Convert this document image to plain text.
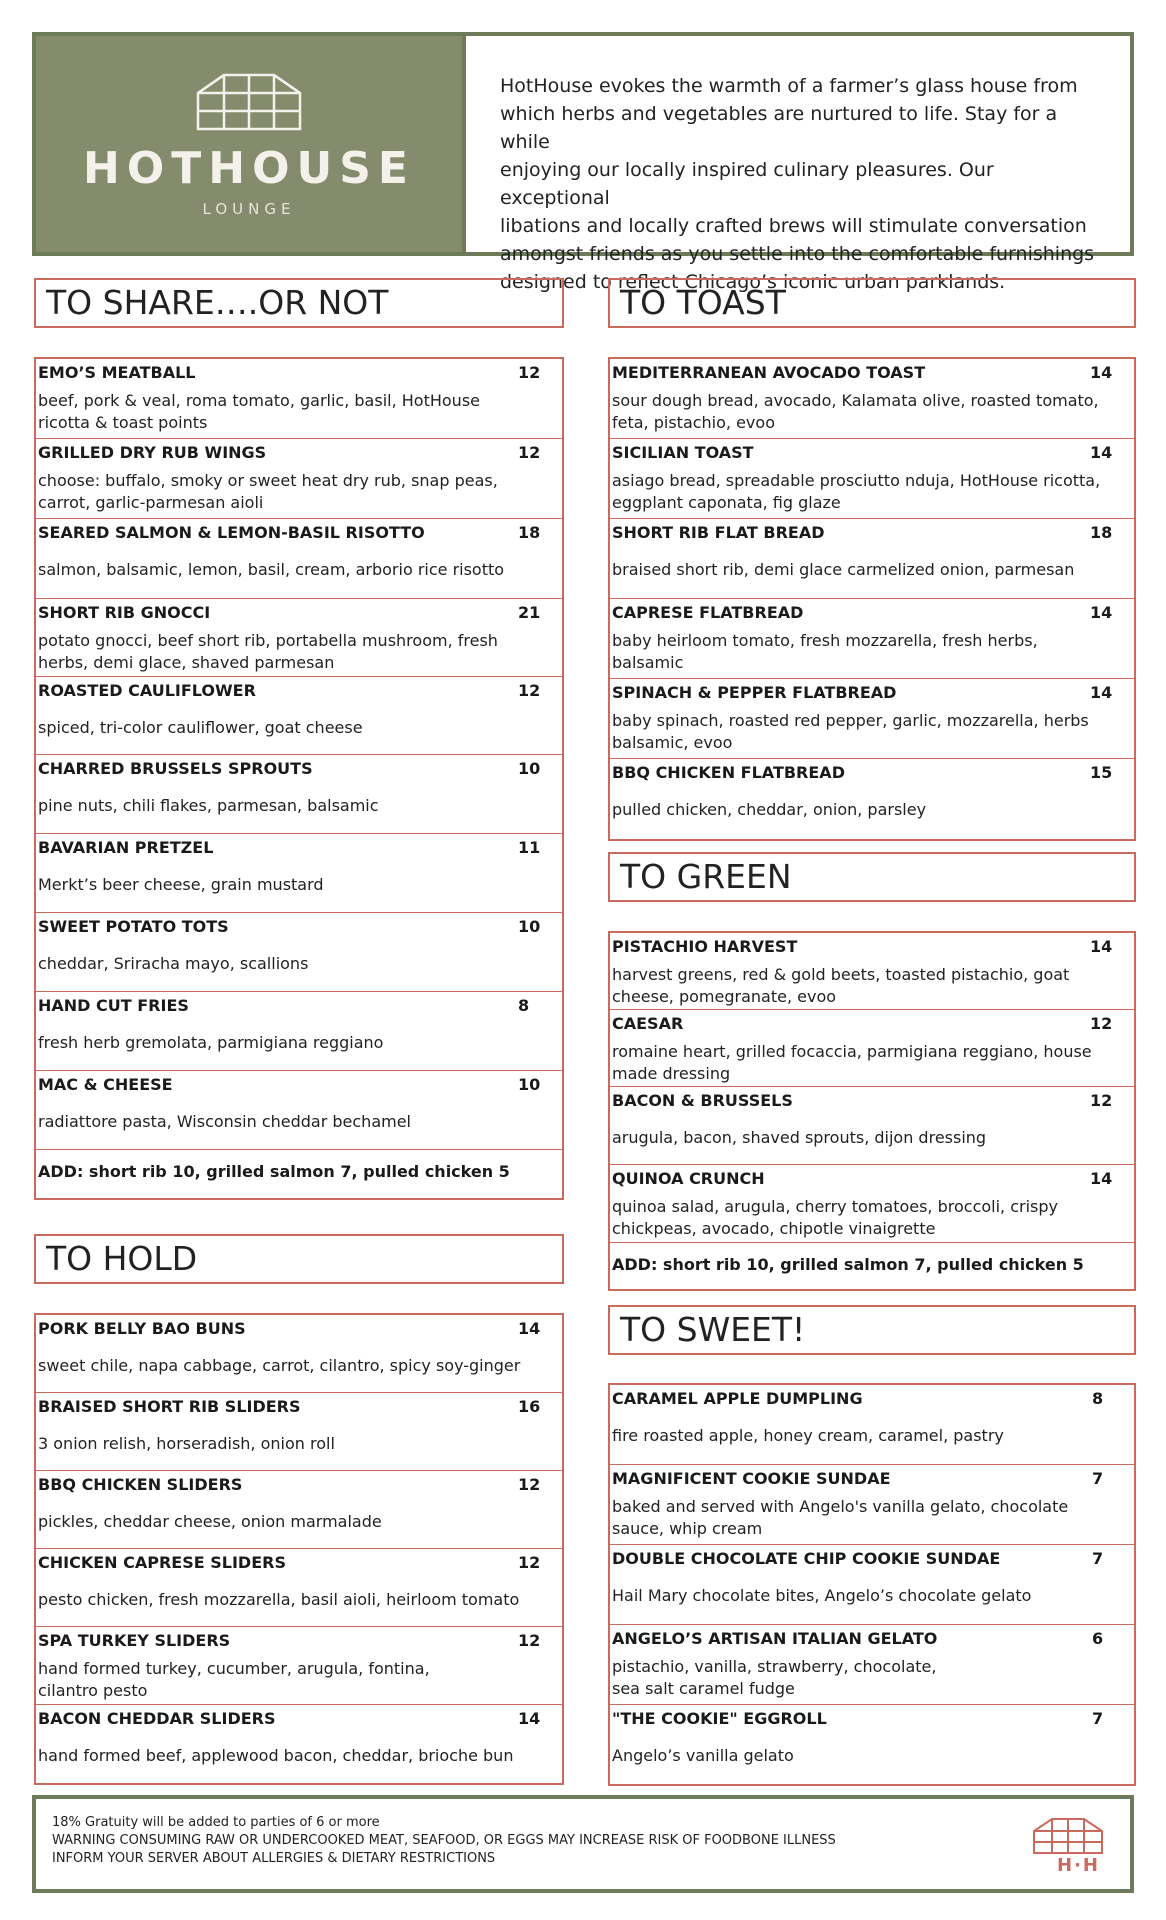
HOTHOUSE
LOUNGE
HotHouse evokes the warmth of a farmer’s glass house from
which herbs and vegetables are nurtured to life. Stay for a while
enjoying our locally inspired culinary pleasures. Our exceptional
libations and locally crafted brews will stimulate conversation
amongst friends as you settle into the comfortable furnishings
designed to reflect Chicago’s iconic urban parklands.
TO SHARE….OR NOT
TO HOLD
TO TOAST
TO GREEN
TO SWEET!
EMO’S MEATBALL	12
beef, pork & veal, roma tomato, garlic, basil, HotHouse
ricotta & toast points
GRILLED DRY RUB WINGS	12
choose: buffalo, smoky or sweet heat dry rub, snap peas,
carrot, garlic-parmesan aioli
SEARED SALMON & LEMON-BASIL RISOTTO	18
salmon, balsamic, lemon, basil, cream, arborio rice risotto
SHORT RIB GNOCCI	21
potato gnocci, beef short rib, portabella mushroom, fresh
herbs, demi glace, shaved parmesan
ROASTED CAULIFLOWER	12
spiced, tri-color cauliflower, goat cheese
CHARRED BRUSSELS SPROUTS	10
pine nuts, chili flakes, parmesan, balsamic
BAVARIAN PRETZEL	11
Merkt’s beer cheese, grain mustard
SWEET POTATO TOTS	10
cheddar, Sriracha mayo, scallions
HAND CUT FRIES	8
fresh herb gremolata, parmigiana reggiano
MAC & CHEESE	10
radiattore pasta, Wisconsin cheddar bechamel
ADD: short rib 10, grilled salmon 7, pulled chicken 5
PORK BELLY BAO BUNS	14
sweet chile, napa cabbage, carrot, cilantro, spicy soy-ginger
BRAISED SHORT RIB SLIDERS	16
3 onion relish, horseradish, onion roll
BBQ CHICKEN SLIDERS	12
pickles, cheddar cheese, onion marmalade
CHICKEN CAPRESE SLIDERS	12
pesto chicken, fresh mozzarella, basil aioli, heirloom tomato
SPA TURKEY SLIDERS	12
hand formed turkey, cucumber, arugula, fontina,
cilantro pesto
BACON CHEDDAR SLIDERS	14
hand formed beef, applewood bacon, cheddar, brioche bun
MEDITERRANEAN AVOCADO TOAST	14
sour dough bread, avocado, Kalamata olive, roasted tomato,
feta, pistachio, evoo
SICILIAN TOAST	14
asiago bread, spreadable prosciutto nduja, HotHouse ricotta,
eggplant caponata, fig glaze
SHORT RIB FLAT BREAD	18
braised short rib, demi glace carmelized onion, parmesan
CAPRESE FLATBREAD	14
baby heirloom tomato, fresh mozzarella, fresh herbs,
balsamic
SPINACH & PEPPER FLATBREAD	14
baby spinach, roasted red pepper, garlic, mozzarella, herbs
balsamic, evoo
BBQ CHICKEN FLATBREAD	15
pulled chicken, cheddar, onion, parsley
PISTACHIO HARVEST	14
harvest greens, red & gold beets, toasted pistachio, goat
cheese, pomegranate, evoo
CAESAR	12
romaine heart, grilled focaccia, parmigiana reggiano, house
made dressing
BACON & BRUSSELS	12
arugula, bacon, shaved sprouts, dijon dressing
QUINOA CRUNCH	14
quinoa salad, arugula, cherry tomatoes, broccoli, crispy
chickpeas, avocado, chipotle vinaigrette
ADD: short rib 10, grilled salmon 7, pulled chicken 5
CARAMEL APPLE DUMPLING	8
fire roasted apple, honey cream, caramel, pastry
MAGNIFICENT COOKIE SUNDAE	7
baked and served with Angelo's vanilla gelato, chocolate
sauce, whip cream
DOUBLE CHOCOLATE CHIP COOKIE SUNDAE	7
Hail Mary chocolate bites, Angelo’s chocolate gelato
ANGELO’S ARTISAN ITALIAN GELATO	6
pistachio, vanilla, strawberry, chocolate,
sea salt caramel fudge
"THE COOKIE" EGGROLL	7
Angelo’s vanilla gelato
18% Gratuity will be added to parties of 6 or more
WARNING CONSUMING RAW OR UNDERCOOKED MEAT, SEAFOOD, OR EGGS MAY INCREASE RISK OF FOODBONE ILLNESS
INFORM YOUR SERVER ABOUT ALLERGIES & DIETARY RESTRICTIONS	H·H
